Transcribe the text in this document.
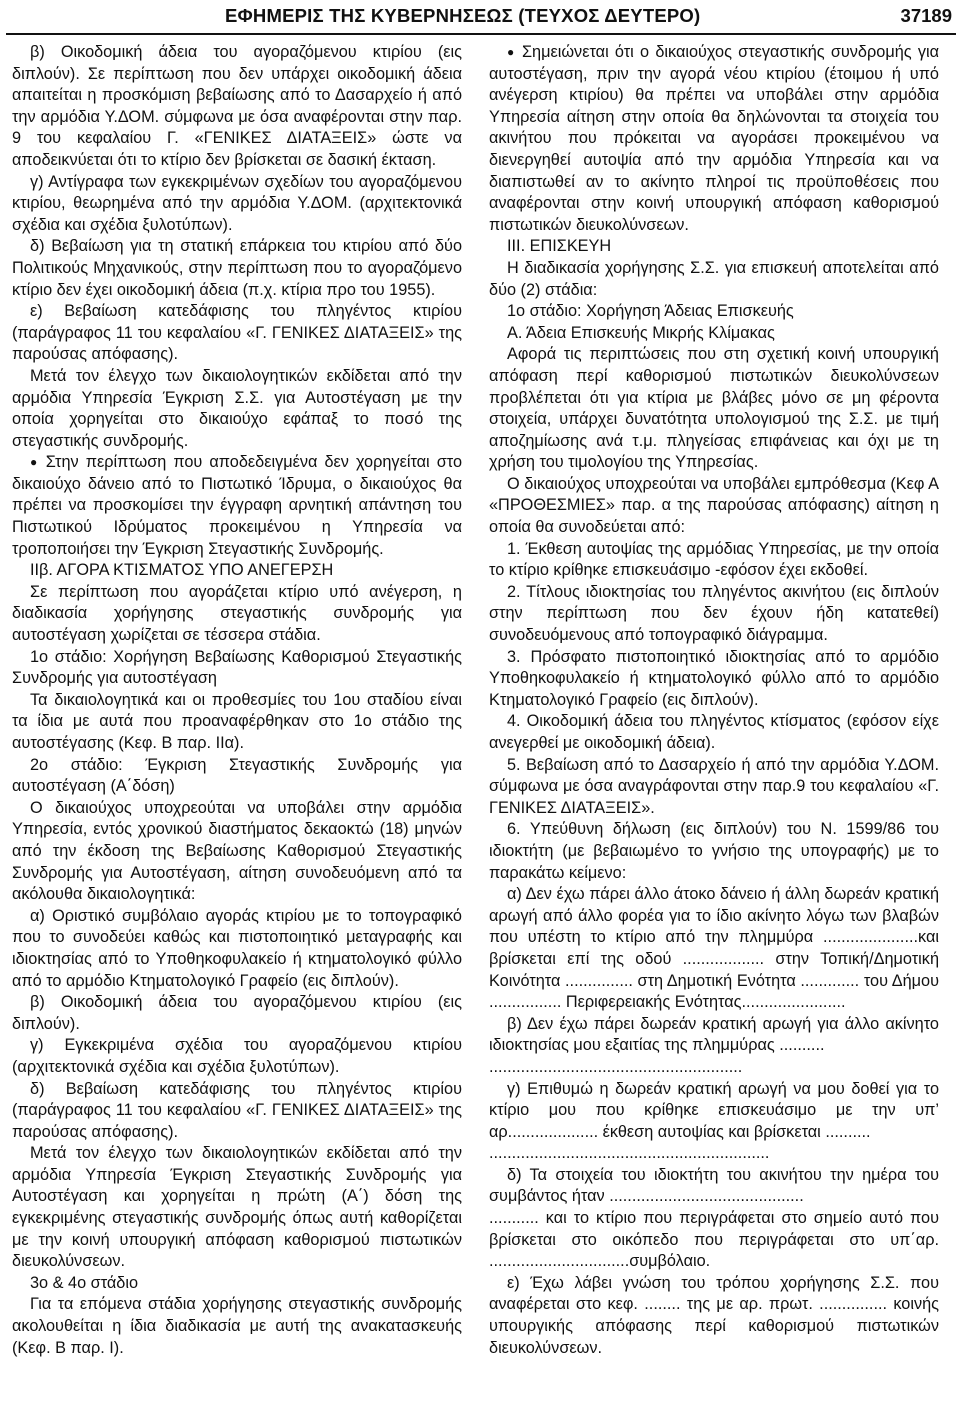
ΕΦΗΜΕΡΙΣ ΤΗΣ ΚΥΒΕΡΝΗΣΕΩΣ (ΤΕΥΧΟΣ ΔΕΥΤΕΡΟ)	37189

β) Οικοδομική άδεια του αγοραζόμενου κτιρίου (εις διπλούν). Σε περίπτωση που δεν υπάρχει οικοδομική άδεια απαιτείται η προσκόμιση βεβαίωσης από το Δασαρχείο ή από την αρμόδια Υ.ΔΟΜ. σύμφωνα με όσα αναφέρονται στην παρ. 9 του κεφαλαίου Γ. «ΓΕΝΙΚΕΣ ΔΙΑΤΑΞΕΙΣ» ώστε να αποδεικνύεται ότι το κτίριο δεν βρίσκεται σε δασική έκταση.

γ) Αντίγραφα των εγκεκριμένων σχεδίων του αγοραζόμενου κτιρίου, θεωρημένα από την αρμόδια Υ.ΔΟΜ. (αρχιτεκτονικά σχέδια και σχέδια ξυλοτύπων).

δ) Βεβαίωση για τη στατική επάρκεια του κτιρίου από δύο Πολιτικούς Μηχανικούς, στην περίπτωση που το αγοραζόμενο κτίριο δεν έχει οικοδομική άδεια (π.χ. κτίρια προ του 1955).

ε) Βεβαίωση κατεδάφισης του πληγέντος κτιρίου (παράγραφος 11 του κεφαλαίου «Γ. ΓΕΝΙΚΕΣ ΔΙΑΤΑΞΕΙΣ» της παρούσας απόφασης).

Μετά τον έλεγχο των δικαιολογητικών εκδίδεται από την αρμόδια Υπηρεσία Έγκριση Σ.Σ. για Αυτοστέγαση με την οποία χορηγείται στο δικαιούχο εφάπαξ το ποσό της στεγαστικής συνδρομής.

● Στην περίπτωση που αποδεδειγμένα δεν χορηγείται στο δικαιούχο δάνειο από το Πιστωτικό Ίδρυμα, ο δικαιούχος θα πρέπει να προσκομίσει την έγγραφη αρνητική απάντηση του Πιστωτικού Ιδρύματος προκειμένου η Υπηρεσία να τροποποιήσει την Έγκριση Στεγαστικής Συνδρομής.

ΙΙβ. ΑΓΟΡΑ ΚΤΙΣΜΑΤΟΣ ΥΠΟ ΑΝΕΓΕΡΣΗ

Σε περίπτωση που αγοράζεται κτίριο υπό ανέγερση, η διαδικασία χορήγησης στεγαστικής συνδρομής για αυτοστέγαση χωρίζεται σε τέσσερα στάδια.

1ο στάδιο: Χορήγηση Βεβαίωσης Καθορισμού Στεγαστικής Συνδρομής για αυτοστέγαση

Τα δικαιολογητικά και οι προθεσμίες του 1ου σταδίου είναι τα ίδια με αυτά που προαναφέρθηκαν στο 1ο στάδιο της αυτοστέγασης (Κεφ. Β παρ. ΙΙα).

2ο στάδιο: Έγκριση Στεγαστικής Συνδρομής για αυτοστέγαση (Α΄δόση)

Ο δικαιούχος υποχρεούται να υποβάλει στην αρμόδια Υπηρεσία, εντός χρονικού διαστήματος δεκαοκτώ (18) μηνών από την έκδοση της Βεβαίωσης Καθορισμού Στεγαστικής Συνδρομής για Αυτοστέγαση, αίτηση συνοδευόμενη από τα ακόλουθα δικαιολογητικά:

α) Οριστικό συμβόλαιο αγοράς κτιρίου με το τοπογραφικό που το συνοδεύει καθώς και πιστοποιητικό μεταγραφής και ιδιοκτησίας από το Υποθηκοφυλακείο ή κτηματολογικό φύλλο από το αρμόδιο Κτηματολογικό Γραφείο (εις διπλούν).

β) Οικοδομική άδεια του αγοραζόμενου κτιρίου (εις διπλούν).

γ) Εγκεκριμένα σχέδια του αγοραζόμενου κτιρίου (αρχιτεκτονικά σχέδια και σχέδια ξυλοτύπων).

δ) Βεβαίωση κατεδάφισης του πληγέντος κτιρίου (παράγραφος 11 του κεφαλαίου «Γ. ΓΕΝΙΚΕΣ ΔΙΑΤΑΞΕΙΣ» της παρούσας απόφασης).

Μετά τον έλεγχο των δικαιολογητικών εκδίδεται από την αρμόδια Υπηρεσία Έγκριση Στεγαστικής Συνδρομής για Αυτοστέγαση και χορηγείται η πρώτη (Α΄) δόση της εγκεκριμένης στεγαστικής συνδρομής όπως αυτή καθορίζεται με την κοινή υπουργική απόφαση καθορισμού πιστωτικών διευκολύνσεων.

3ο & 4ο στάδιο

Για τα επόμενα στάδια χορήγησης στεγαστικής συνδρομής ακολουθείται η ίδια διαδικασία με αυτή της ανακατασκευής (Κεφ. Β παρ. Ι).

● Σημειώνεται ότι ο δικαιούχος στεγαστικής συνδρομής για αυτοστέγαση, πριν την αγορά νέου κτιρίου (έτοιμου ή υπό ανέγερση κτιρίου) θα πρέπει να υποβάλει στην αρμόδια Υπηρεσία αίτηση στην οποία θα δηλώνονται τα στοιχεία του ακινήτου που πρόκειται να αγοράσει προκειμένου να διενεργηθεί αυτοψία από την αρμόδια Υπηρεσία και να διαπιστωθεί αν το ακίνητο πληροί τις προϋποθέσεις που αναφέρονται στην κοινή υπουργική απόφαση καθορισμού πιστωτικών διευκολύνσεων.

ΙΙΙ. ΕΠΙΣΚΕΥΗ

Η διαδικασία χορήγησης Σ.Σ. για επισκευή αποτελείται από δύο (2) στάδια:

1ο στάδιο: Χορήγηση Άδειας Επισκευής

Α. Άδεια Επισκευής Μικρής Κλίμακας

Αφορά τις περιπτώσεις που στη σχετική κοινή υπουργική απόφαση περί καθορισμού πιστωτικών διευκολύνσεων προβλέπεται ότι για κτίρια με βλάβες μόνο σε μη φέροντα στοιχεία, υπάρχει δυνατότητα υπολογισμού της Σ.Σ. με τιμή αποζημίωσης ανά τ.μ. πληγείσας επιφάνειας και όχι με τη χρήση του τιμολογίου της Υπηρεσίας.

Ο δικαιούχος υποχρεούται να υποβάλει εμπρόθεσμα (Κεφ Α «ΠΡΟΘΕΣΜΙΕΣ» παρ. α της παρούσας απόφασης) αίτηση η οποία θα συνοδεύεται από:

1. Έκθεση αυτοψίας της αρμόδιας Υπηρεσίας, με την οποία το κτίριο κρίθηκε επισκευάσιμο -εφόσον έχει εκδοθεί.

2. Τίτλους ιδιοκτησίας του πληγέντος ακινήτου (εις διπλούν στην περίπτωση που δεν έχουν ήδη κατατεθεί) συνοδευόμενους από τοπογραφικό διάγραμμα.

3. Πρόσφατο πιστοποιητικό ιδιοκτησίας από το αρμόδιο Υποθηκοφυλακείο ή κτηματολογικό φύλλο από το αρμόδιο Κτηματολογικό Γραφείο (εις διπλούν).

4. Οικοδομική άδεια του πληγέντος κτίσματος (εφόσον είχε ανεγερθεί με οικοδομική άδεια).

5. Βεβαίωση από το Δασαρχείο ή από την αρμόδια Υ.ΔΟΜ. σύμφωνα με όσα αναγράφονται στην παρ.9 του κεφαλαίου «Γ. ΓΕΝΙΚΕΣ ΔΙΑΤΑΞΕΙΣ».

6. Υπεύθυνη δήλωση (εις διπλούν) του Ν. 1599/86 του ιδιοκτήτη (με βεβαιωμένο το γνήσιο της υπογραφής) με το παρακάτω κείμενο:

α) Δεν έχω πάρει άλλο άτοκο δάνειο ή άλλη δωρεάν κρατική αρωγή από άλλο φορέα για το ίδιο ακίνητο λόγω των βλαβών που υπέστη το κτίριο από την πλημμύρα .....................και βρίσκεται επί της οδού .................. στην Τοπική/Δημοτική Κοινότητα ............... στη Δημοτική Ενότητα ............. του Δήμου ................ Περιφερειακής Ενότητας.......................

β) Δεν έχω πάρει δωρεάν κρατική αρωγή για άλλο ακίνητο ιδιοκτησίας μου εξαιτίας της πλημμύρας ..........

........................................................

γ) Επιθυμώ η δωρεάν κρατική αρωγή να μου δοθεί για το κτίριο μου που κρίθηκε επισκευάσιμο με την υπ’ αρ.................... έκθεση αυτοψίας και βρίσκεται ..........

..............................................................

δ) Τα στοιχεία του ιδιοκτήτη του ακινήτου την ημέρα του συμβάντος ήταν ...........................................

........... και το κτίριο που περιγράφεται στο σημείο αυτό που βρίσκεται στο οικόπεδο που περιγράφεται στο υπ΄αρ. ...............................συμβόλαιο.

ε) Έχω λάβει γνώση του τρόπου χορήγησης Σ.Σ. που αναφέρεται στο κεφ. ........ της με αρ. πρωτ. ............... κοινής υπουργικής απόφασης περί καθορισμού πιστωτικών διευκολύνσεων.
